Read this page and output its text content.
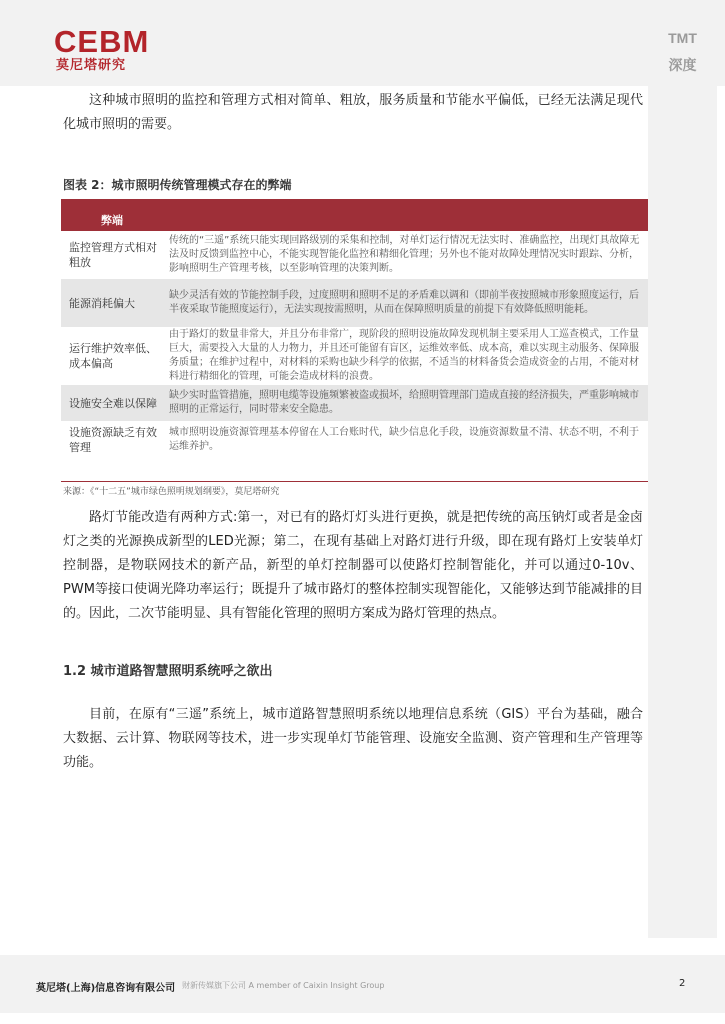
CEBM
莫尼塔研究
TMT
深度

这种城市照明的监控和管理方式相对简单、粗放，服务质量和节能水平偏低，已经无法满足现代化城市照明的需要。

图表 2：城市照明传统管理模式存在的弊端
弊端	
监控管理方式相对粗放	传统的“三遥”系统只能实现回路级别的采集和控制，对单灯运行情况无法实时、准确监控，出现灯具故障无法及时反馈到监控中心，不能实现智能化监控和精细化管理；另外也不能对故障处理情况实时跟踪、分析，影响照明生产管理考核，以至影响管理的决策判断。
能源消耗偏大	缺少灵活有效的节能控制手段，过度照明和照明不足的矛盾难以调和（即前半夜按照城市形象照度运行，后半夜采取节能照度运行），无法实现按需照明，从而在保障照明质量的前提下有效降低照明能耗。
运行维护效率低、成本偏高	由于路灯的数量非常大，并且分布非常广，现阶段的照明设施故障发现机制主要采用人工巡查模式，工作量巨大，需要投入大量的人力物力，并且还可能留有盲区，运维效率低、成本高，难以实现主动服务、保障服务质量；在维护过程中，对材料的采购也缺少科学的依据，不适当的材料备货会造成资金的占用，不能对材料进行精细化的管理，可能会造成材料的浪费。
设施安全难以保障	缺少实时监管措施，照明电缆等设施频繁被盗或损坏，给照明管理部门造成直接的经济损失，严重影响城市照明的正常运行，同时带来安全隐患。
设施资源缺乏有效管理	城市照明设施资源管理基本停留在人工台账时代，缺少信息化手段，设施资源数量不清、状态不明，不利于运维养护。
来源：《“十二五”城市绿色照明规划纲要》，莫尼塔研究

路灯节能改造有两种方式:第一，对已有的路灯灯头进行更换，就是把传统的高压钠灯或者是金卤灯之类的光源换成新型的LED光源；第二，在现有基础上对路灯进行升级，即在现有路灯上安装单灯控制器，是物联网技术的新产品，新型的单灯控制器可以使路灯控制智能化，并可以通过0-10v、PWM等接口使调光降功率运行；既提升了城市路灯的整体控制实现智能化，又能够达到节能减排的目的。因此，二次节能明显、具有智能化管理的照明方案成为路灯管理的热点。

1.2 城市道路智慧照明系统呼之欲出

目前，在原有“三遥”系统上，城市道路智慧照明系统以地理信息系统（GIS）平台为基础，融合大数据、云计算、物联网等技术，进一步实现单灯节能管理、设施安全监测、资产管理和生产管理等功能。

莫尼塔(上海)信息咨询有限公司 财新传媒旗下公司 A member of Caixin Insight Group	2
